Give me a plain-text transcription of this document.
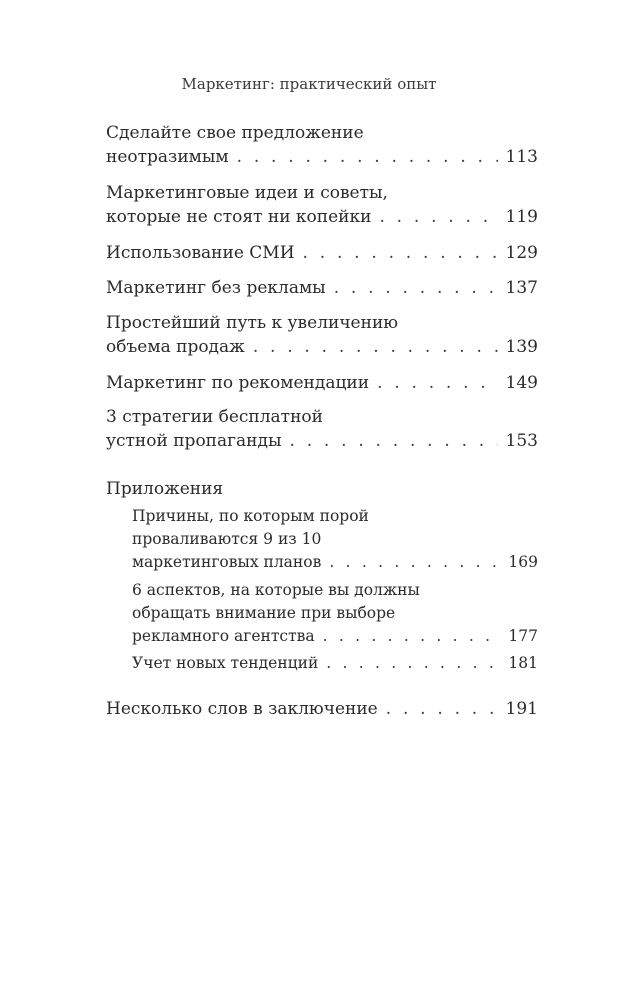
Маркетинг: практический опыт
Сделайте свое предложение
неотразимым . . .	113
Маркетинговые идеи и советы,
которые не стоят ни копейки . . .	119
Использование СМИ . . .	129
Маркетинг без рекламы . . .	137
Простейший путь к увеличению
объема продаж . . .	139
Маркетинг по рекомендации . . .	149
3 стратегии бесплатной
устной пропаганды . . .	153
Приложения
Причины, по которым порой
проваливаются 9 из 10
маркетинговых планов . . .	169
6 аспектов, на которые вы должны
обращать внимание при выборе
рекламного агентства . . .	177
Учет новых тенденций . . .	181
Несколько слов в заключение . . .	191
